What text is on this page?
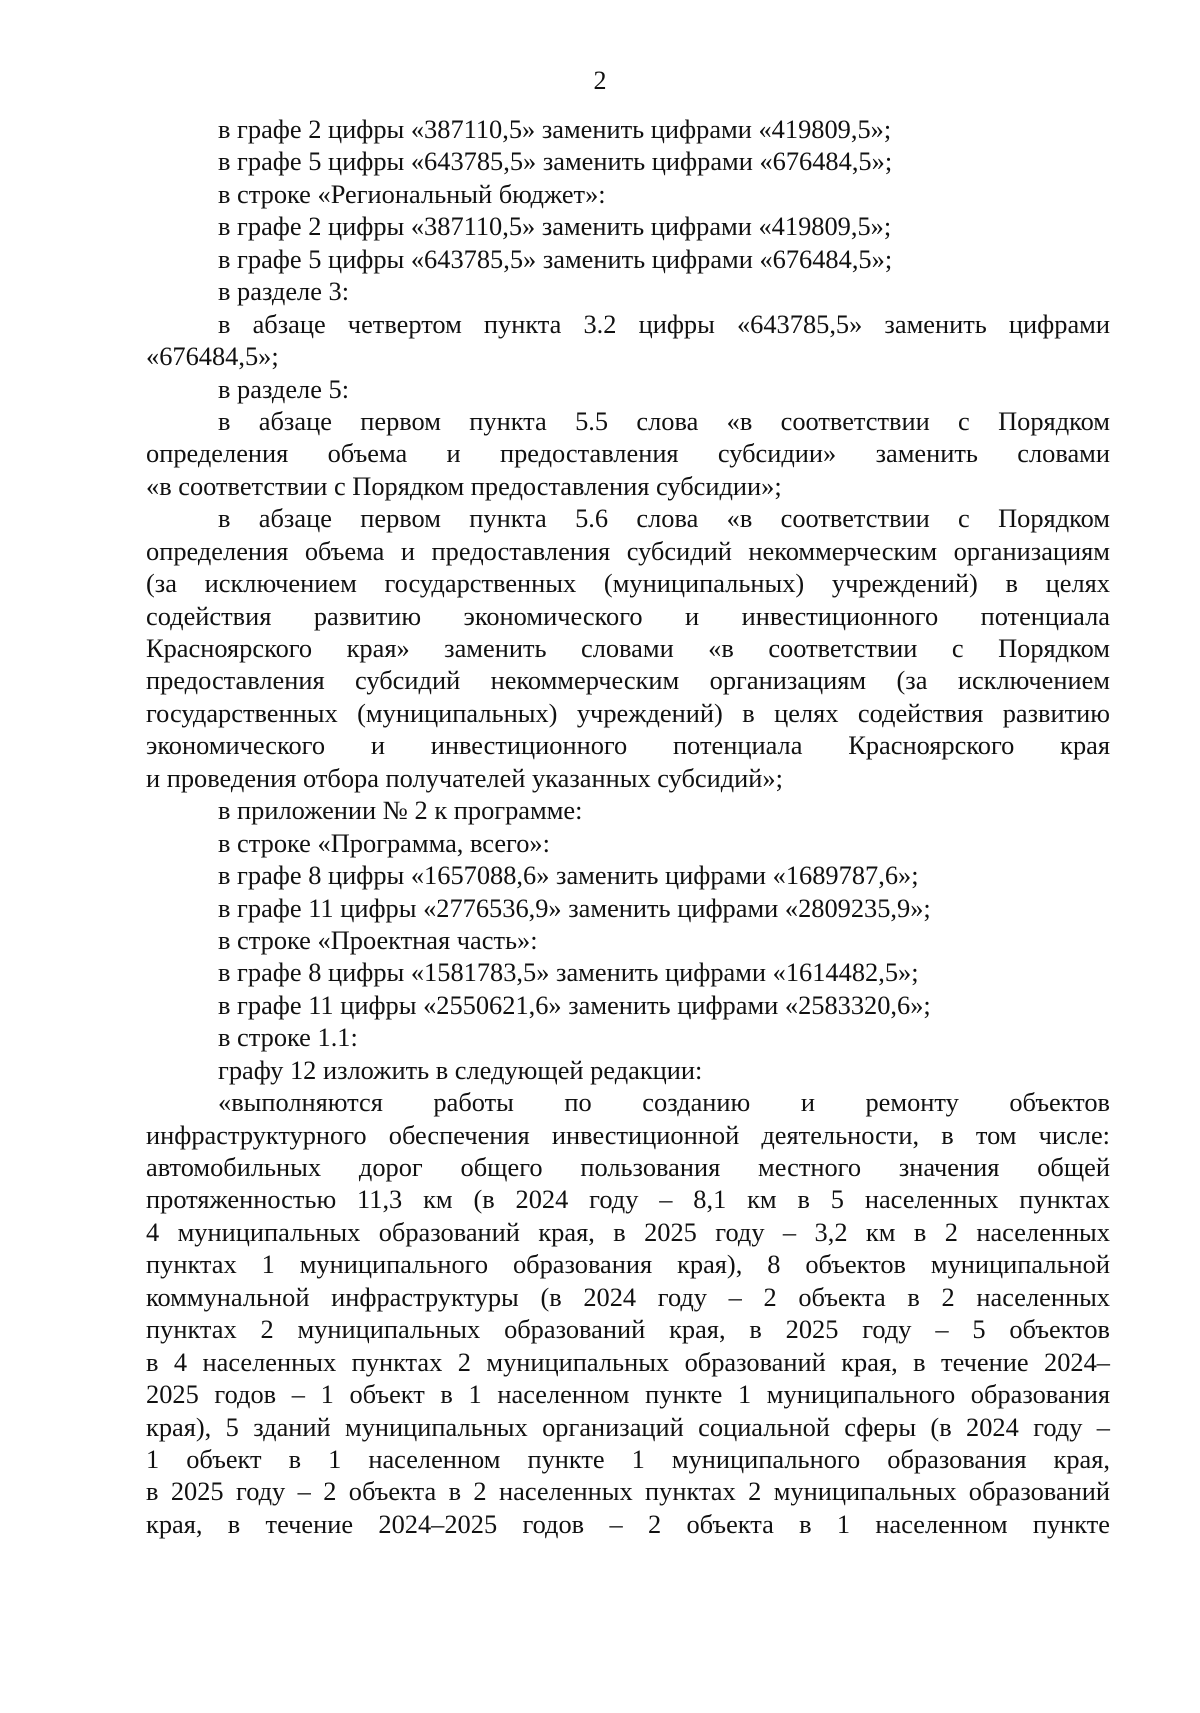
2
в графе 2 цифры «387110,5» заменить цифрами «419809,5»;
в графе 5 цифры «643785,5» заменить цифрами «676484,5»;
в строке «Региональный бюджет»:
в графе 2 цифры «387110,5» заменить цифрами «419809,5»;
в графе 5 цифры «643785,5» заменить цифрами «676484,5»;
в разделе 3:
в абзаце четвертом пункта 3.2 цифры «643785,5» заменить цифрами
«676484,5»;
в разделе 5:
в абзаце первом пункта 5.5 слова «в соответствии с Порядком
определения объема и предоставления субсидии» заменить словами
«в соответствии с Порядком предоставления субсидии»;
в абзаце первом пункта 5.6 слова «в соответствии с Порядком
определения объема и предоставления субсидий некоммерческим организациям
(за исключением государственных (муниципальных) учреждений) в целях
содействия развитию экономического и инвестиционного потенциала
Красноярского края» заменить словами «в соответствии с Порядком
предоставления субсидий некоммерческим организациям (за исключением
государственных (муниципальных) учреждений) в целях содействия развитию
экономического и инвестиционного потенциала Красноярского края
и проведения отбора получателей указанных субсидий»;
в приложении № 2 к программе:
в строке «Программа, всего»:
в графе 8 цифры «1657088,6» заменить цифрами «1689787,6»;
в графе 11 цифры «2776536,9» заменить цифрами «2809235,9»;
в строке «Проектная часть»:
в графе 8 цифры «1581783,5» заменить цифрами «1614482,5»;
в графе 11 цифры «2550621,6» заменить цифрами «2583320,6»;
в строке 1.1:
графу 12 изложить в следующей редакции:
«выполняются работы по созданию и ремонту объектов
инфраструктурного обеспечения инвестиционной деятельности, в том числе:
автомобильных дорог общего пользования местного значения общей
протяженностью 11,3 км (в 2024 году – 8,1 км в 5 населенных пунктах
4 муниципальных образований края, в 2025 году – 3,2 км в 2 населенных
пунктах 1 муниципального образования края), 8 объектов муниципальной
коммунальной инфраструктуры (в 2024 году – 2 объекта в 2 населенных
пунктах 2 муниципальных образований края, в 2025 году – 5 объектов
в 4 населенных пунктах 2 муниципальных образований края, в течение 2024–
2025 годов – 1 объект в 1 населенном пункте 1 муниципального образования
края), 5 зданий муниципальных организаций социальной сферы (в 2024 году –
1 объект в 1 населенном пункте 1 муниципального образования края,
в 2025 году – 2 объекта в 2 населенных пунктах 2 муниципальных образований
края, в течение 2024–2025 годов – 2 объекта в 1 населенном пункте
